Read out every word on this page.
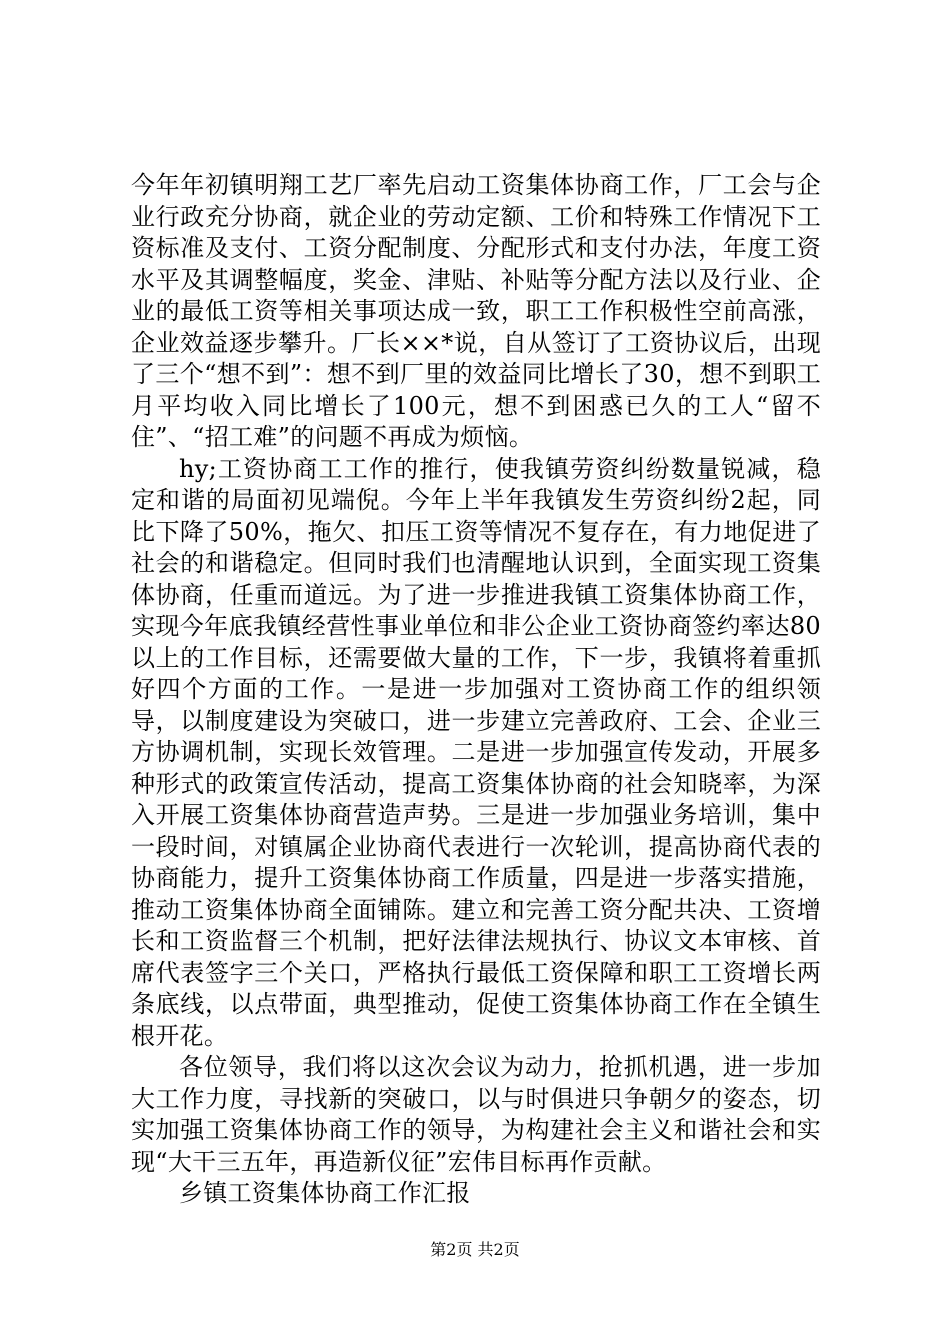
今年年初镇明翔工艺厂率先启动工资集体协商工作，厂工会与企业行政充分协商，就企业的劳动定额、工价和特殊工作情况下工资标准及支付、工资分配制度、分配形式和支付办法，年度工资水平及其调整幅度，奖金、津贴、补贴等分配方法以及行业、企业的最低工资等相关事项达成一致，职工工作积极性空前高涨，企业效益逐步攀升。厂长××*说，自从签订了工资协议后，出现了三个“想不到”：想不到厂里的效益同比增长了30，想不到职工月平均收入同比增长了100元，想不到困惑已久的工人“留不住”、“招工难”的问题不再成为烦恼。

hy;工资协商工工作的推行，使我镇劳资纠纷数量锐减，稳定和谐的局面初见端倪。今年上半年我镇发生劳资纠纷2起，同比下降了50%，拖欠、扣压工资等情况不复存在，有力地促进了社会的和谐稳定。但同时我们也清醒地认识到，全面实现工资集体协商，任重而道远。为了进一步推进我镇工资集体协商工作，实现今年底我镇经营性事业单位和非公企业工资协商签约率达80以上的工作目标，还需要做大量的工作，下一步，我镇将着重抓好四个方面的工作。一是进一步加强对工资协商工作的组织领导，以制度建设为突破口，进一步建立完善政府、工会、企业三方协调机制，实现长效管理。二是进一步加强宣传发动，开展多种形式的政策宣传活动，提高工资集体协商的社会知晓率，为深入开展工资集体协商营造声势。三是进一步加强业务培训，集中一段时间，对镇属企业协商代表进行一次轮训，提高协商代表的协商能力，提升工资集体协商工作质量，四是进一步落实措施，推动工资集体协商全面铺陈。建立和完善工资分配共决、工资增长和工资监督三个机制，把好法律法规执行、协议文本审核、首席代表签字三个关口，严格执行最低工资保障和职工工资增长两条底线，以点带面，典型推动，促使工资集体协商工作在全镇生根开花。

各位领导，我们将以这次会议为动力，抢抓机遇，进一步加大工作力度，寻找新的突破口，以与时俱进只争朝夕的姿态，切实加强工资集体协商工作的领导，为构建社会主义和谐社会和实现“大干三五年，再造新仪征”宏伟目标再作贡献。

乡镇工资集体协商工作汇报

第2页 共2页
